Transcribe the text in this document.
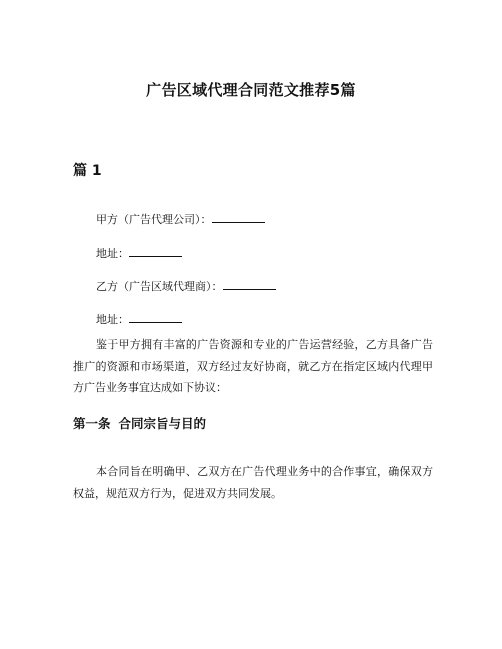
广告区域代理合同范文推荐5篇
篇 1
甲方（广告代理公司）：
地址：
乙方（广告区域代理商）：
地址：
鉴于甲方拥有丰富的广告资源和专业的广告运营经验，乙方具备广告推广的资源和市场渠道，双方经过友好协商，就乙方在指定区域内代理甲方广告业务事宜达成如下协议：
第一条 合同宗旨与目的
本合同旨在明确甲、乙双方在广告代理业务中的合作事宜，确保双方权益，规范双方行为，促进双方共同发展。
